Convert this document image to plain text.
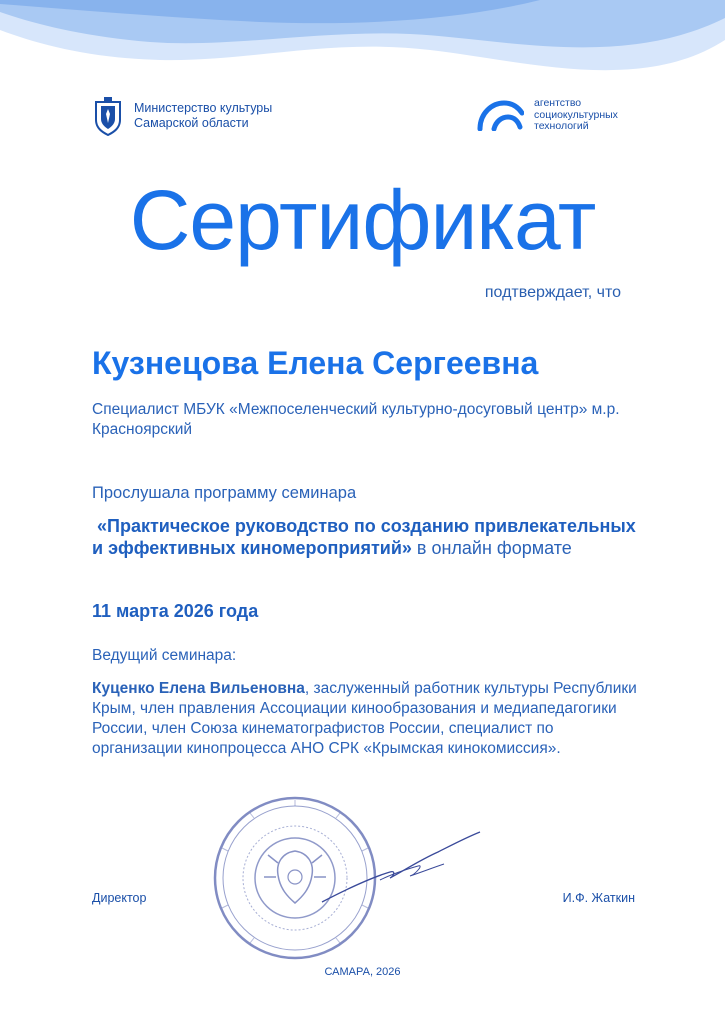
Министерство культуры
Самарской области
агентство
социокультурных
технологий
Сертификат
подтверждает, что
Кузнецова Елена Сергеевна
Специалист МБУК «Межпоселенческий культурно-досуговый центр» м.р. Красноярский
Прослушала программу семинара
«Практическое руководство по созданию привлекательных и эффективных киномероприятий» в онлайн формате
11 марта 2026 года
Ведущий семинара:
Куценко Елена Вильеновна, заслуженный работник культуры Республики Крым, член правления Ассоциации кинообразования и медиапедагогики России, член Союза кинематографистов России, специалист по организации кинопроцесса АНО СРК «Крымская кинокомиссия».
Директор	И.Ф. Жаткин
САМАРА, 2026
